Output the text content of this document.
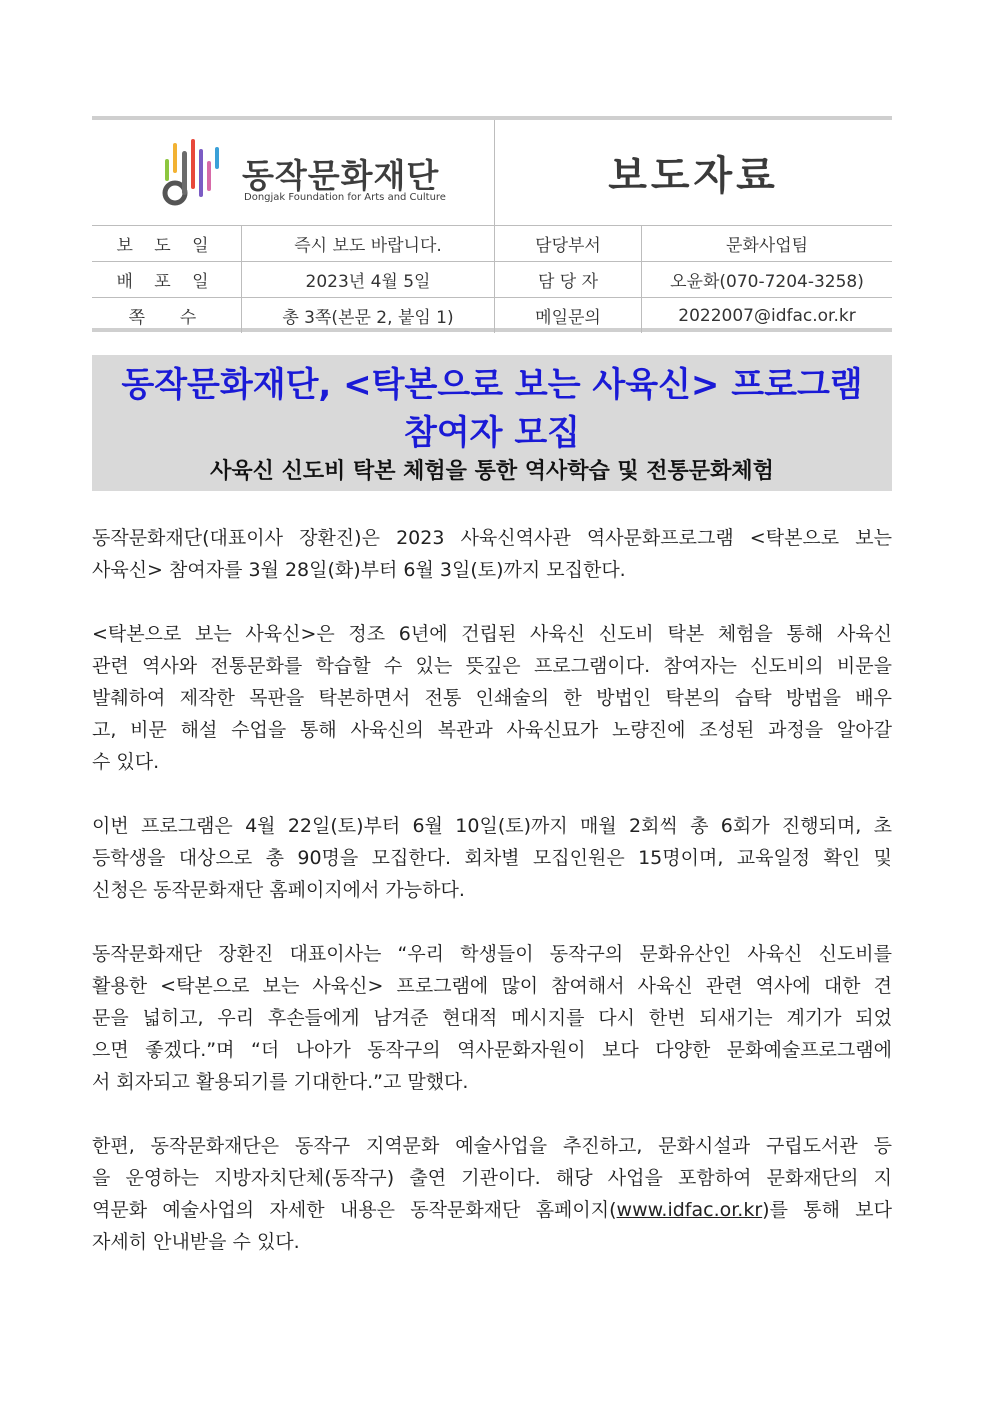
동작문화재단
Dongjak Foundation for Arts and Culture	보도자료
보 도 일	즉시 보도 바랍니다.	담당부서	문화사업팀
배 포 일	2023년 4월 5일	담 당 자	오윤화(070-7204-3258)
쪽  수	총 3쪽(본문 2, 붙임 1)	메일문의	2022007@idfac.or.kr
동작문화재단, <탁본으로 보는 사육신> 프로그램
참여자 모집
사육신 신도비 탁본 체험을 통한 역사학습 및 전통문화체험
동작문화재단(대표이사 장환진)은 2023 사육신역사관 역사문화프로그램 <탁본으로 보는
사육신> 참여자를 3월 28일(화)부터 6월 3일(토)까지 모집한다.
<탁본으로 보는 사육신>은 정조 6년에 건립된 사육신 신도비 탁본 체험을 통해 사육신
관련 역사와 전통문화를 학습할 수 있는 뜻깊은 프로그램이다. 참여자는 신도비의 비문을
발췌하여 제작한 목판을 탁본하면서 전통 인쇄술의 한 방법인 탁본의 습탁 방법을 배우
고, 비문 해설 수업을 통해 사육신의 복관과 사육신묘가 노량진에 조성된 과정을 알아갈
수 있다.
이번 프로그램은 4월 22일(토)부터 6월 10일(토)까지 매월 2회씩 총 6회가 진행되며, 초
등학생을 대상으로 총 90명을 모집한다. 회차별 모집인원은 15명이며, 교육일정 확인 및
신청은 동작문화재단 홈페이지에서 가능하다.
동작문화재단 장환진 대표이사는 “우리 학생들이 동작구의 문화유산인 사육신 신도비를
활용한 <탁본으로 보는 사육신> 프로그램에 많이 참여해서 사육신 관련 역사에 대한 견
문을 넓히고, 우리 후손들에게 남겨준 현대적 메시지를 다시 한번 되새기는 계기가 되었
으면 좋겠다.”며 “더 나아가 동작구의 역사문화자원이 보다 다양한 문화예술프로그램에
서 회자되고 활용되기를 기대한다.”고 말했다.
한편, 동작문화재단은 동작구 지역문화 예술사업을 추진하고, 문화시설과 구립도서관 등
을 운영하는 지방자치단체(동작구) 출연 기관이다. 해당 사업을 포함하여 문화재단의 지
역문화 예술사업의 자세한 내용은 동작문화재단 홈페이지(www.idfac.or.kr)를 통해 보다
자세히 안내받을 수 있다.
